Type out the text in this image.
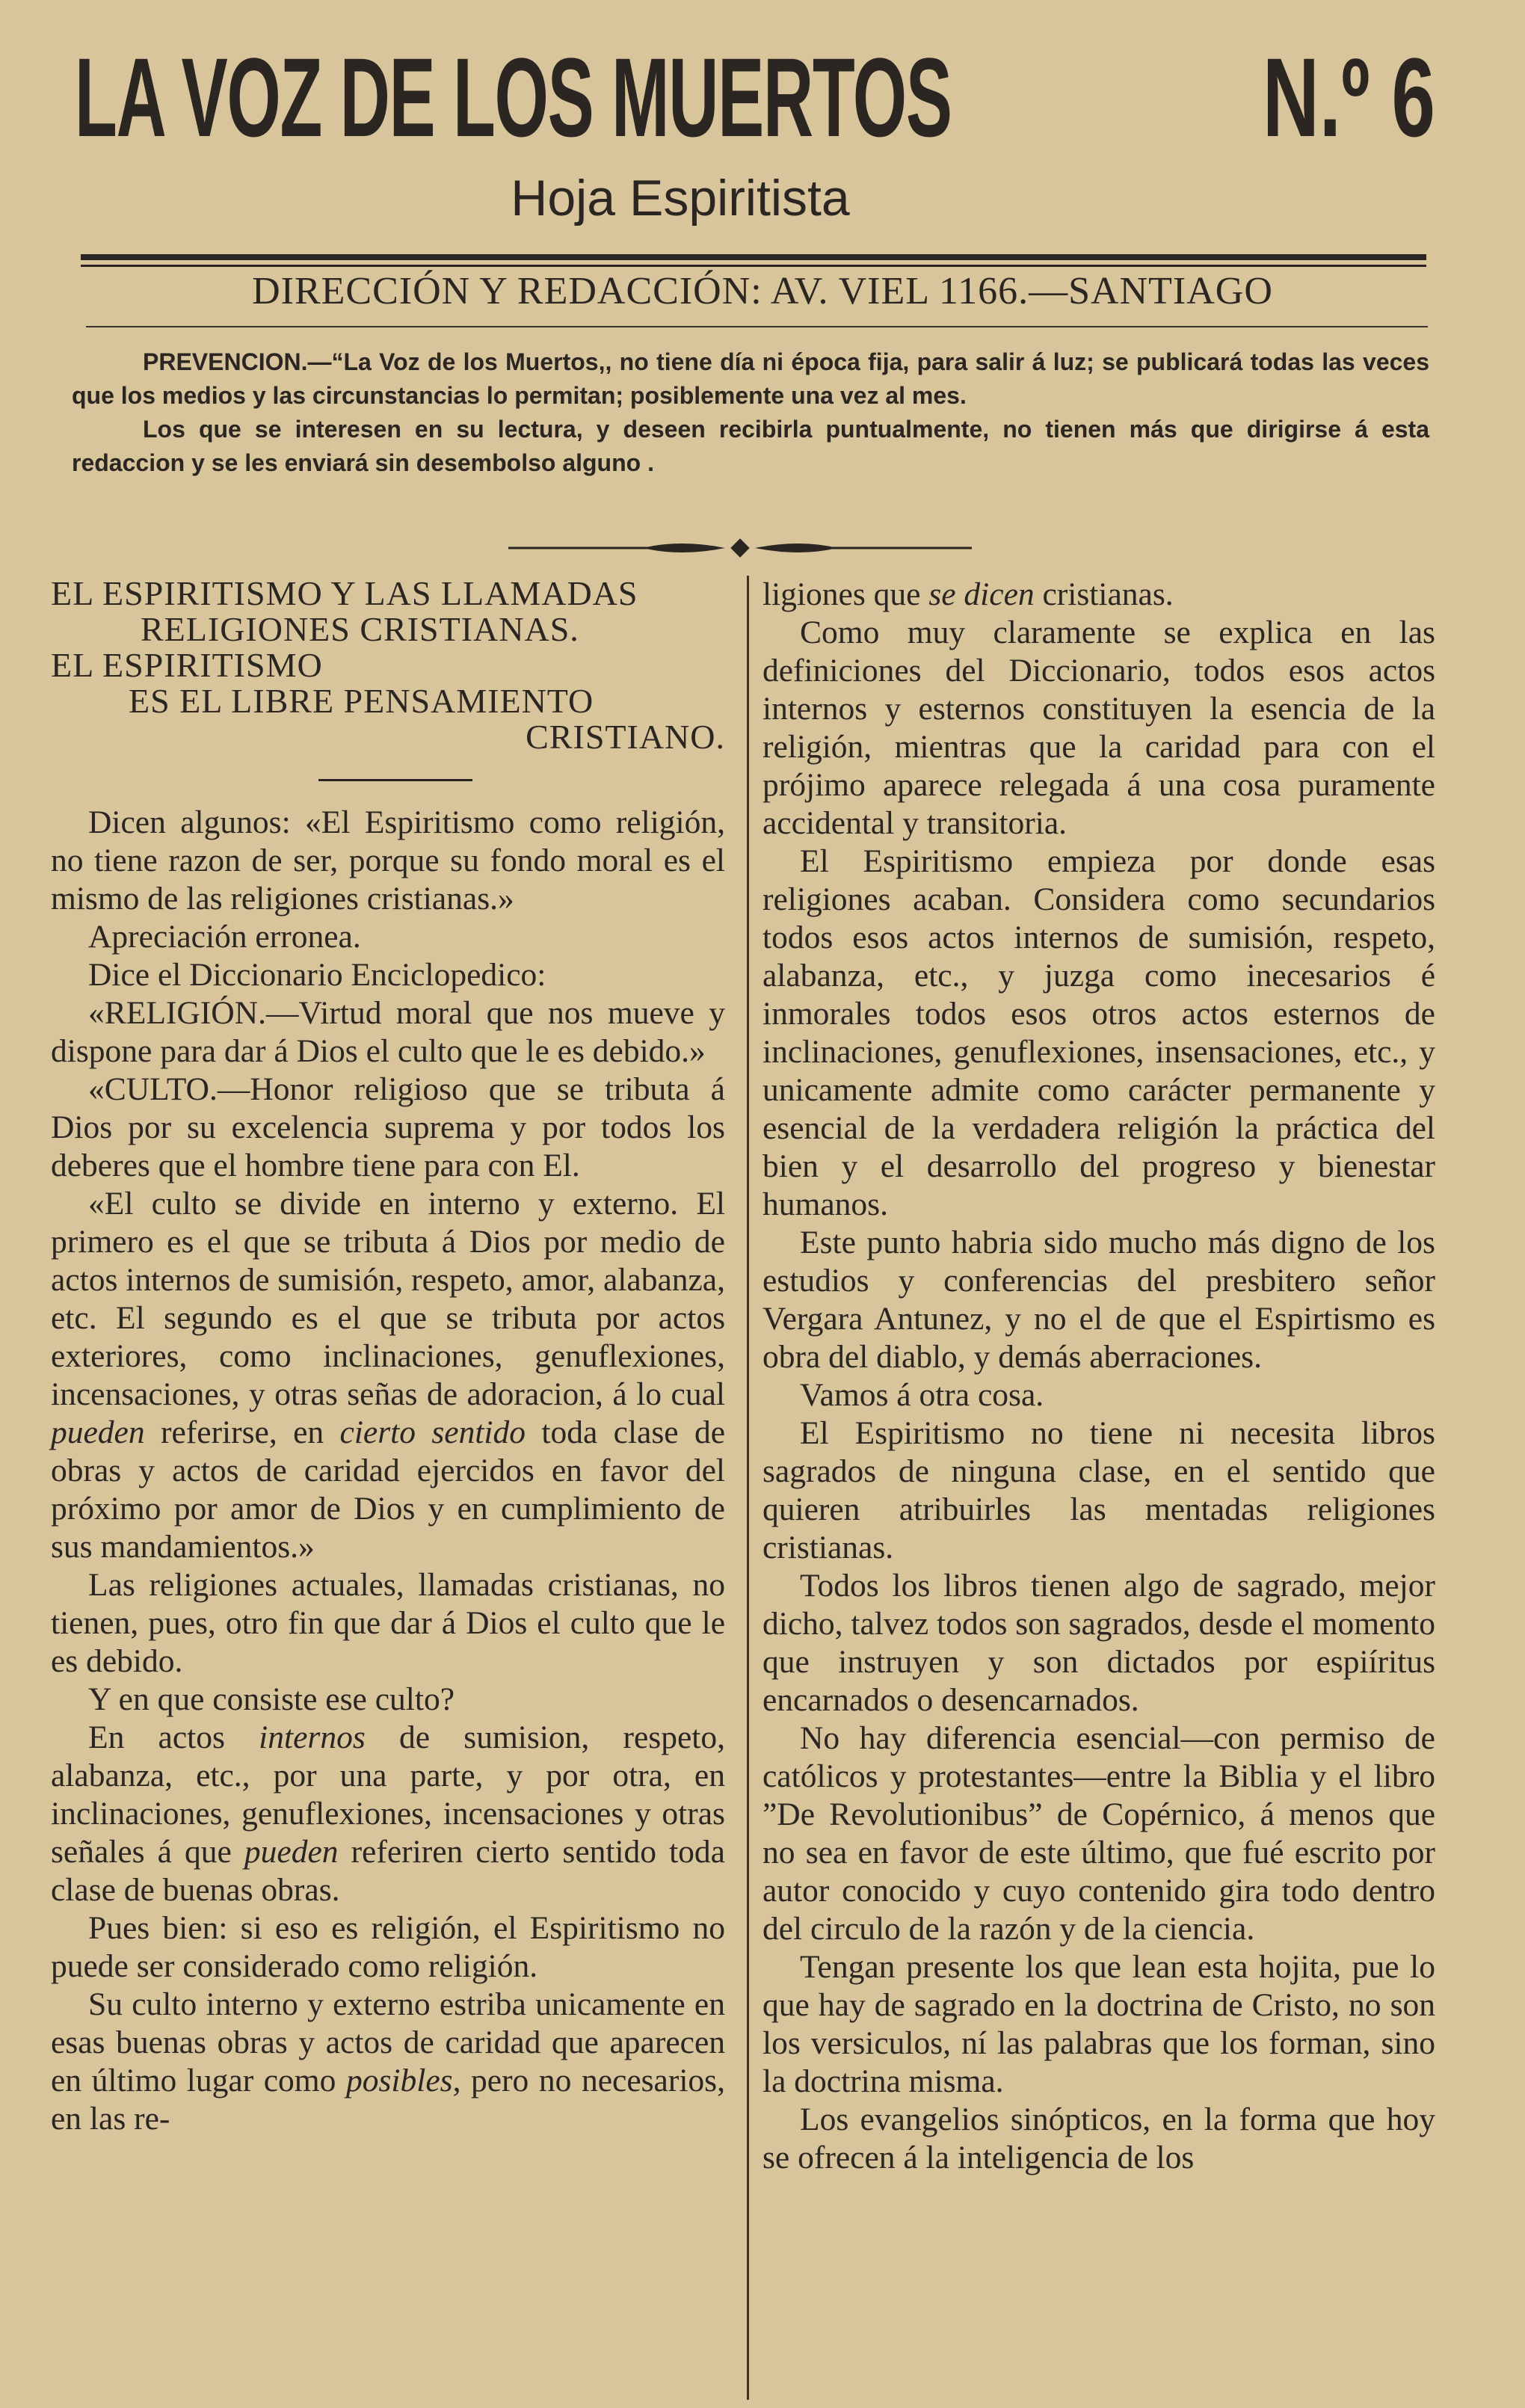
LA VOZ DE LOS MUERTOS	N.º 6
Hoja Espiritista
DIRECCIÓN Y REDACCIÓN: AV. VIEL 1166.—SANTIAGO

PREVENCION.—“La Voz de los Muertos,, no tiene día ni época fija, para salir á luz; se publicará todas las veces que los medios y las circunstancias lo permitan; posiblemente una vez al mes.

Los que se interesen en su lectura, y deseen recibirla puntualmente, no tienen más que dirigirse á esta redaccion y se les enviará sin desembolso alguno .

EL ESPIRITISMO Y LAS LLAMADAS
RELIGIONES CRISTIANAS.
EL ESPIRITISMO
ES EL LIBRE PENSAMIENTO
CRISTIANO.

Dicen algunos: «El Espiritismo como religión, no tiene razon de ser, porque su fondo moral es el mismo de las religiones cristianas.»

Apreciación erronea.

Dice el Diccionario Enciclopedico:

«RELIGIÓN.—Virtud moral que nos mueve y dispone para dar á Dios el culto que le es debido.»

«CULTO.—Honor religioso que se tributa á Dios por su excelencia suprema y por todos los deberes que el hombre tiene para con El.

«El culto se divide en interno y externo. El primero es el que se tributa á Dios por medio de actos internos de sumisión, respeto, amor, alabanza, etc. El segundo es el que se tributa por actos exteriores, como inclinaciones, genuflexiones, incensaciones, y otras señas de adoracion, á lo cual pueden referirse, en cierto sentido toda clase de obras y actos de caridad ejercidos en favor del próximo por amor de Dios y en cumplimiento de sus mandamientos.»

Las religiones actuales, llamadas cristianas, no tienen, pues, otro fin que dar á Dios el culto que le es debido.

Y en que consiste ese culto?

En actos internos de sumision, respeto, alabanza, etc., por una parte, y por otra, en inclinaciones, genuflexiones, incensaciones y otras señales á que pueden referiren cierto sentido toda clase de buenas obras.

Pues bien: si eso es religión, el Espiritismo no puede ser considerado como religión.

Su culto interno y externo estriba unicamente en esas buenas obras y actos de caridad que aparecen en último lugar como posibles, pero no necesarios, en las re-

ligiones que se dicen cristianas.

Como muy claramente se explica en las definiciones del Diccionario, todos esos actos internos y esternos constituyen la esencia de la religión, mientras que la caridad para con el prójimo aparece relegada á una cosa puramente accidental y transitoria.

El Espiritismo empieza por donde esas religiones acaban. Considera como secundarios todos esos actos internos de sumisión, respeto, alabanza, etc., y juzga como inecesarios é inmorales todos esos otros actos esternos de inclinaciones, genuflexiones, insensaciones, etc., y unicamente admite como carácter permanente y esencial de la verdadera religión la práctica del bien y el desarrollo del progreso y bienestar humanos.

Este punto habria sido mucho más digno de los estudios y conferencias del presbitero señor Vergara Antunez, y no el de que el Espirtismo es obra del diablo, y demás aberraciones.

Vamos á otra cosa.

El Espiritismo no tiene ni necesita libros sagrados de ninguna clase, en el sentido que quieren atribuirles las mentadas religiones cristianas.

Todos los libros tienen algo de sagrado, mejor dicho, talvez todos son sagrados, desde el momento que instruyen y son dictados por espiíritus encarnados o desencarnados.

No hay diferencia esencial—con permiso de católicos y protestantes—entre la Biblia y el libro ”De Revolutionibus” de Copérnico, á menos que no sea en favor de este último, que fué escrito por autor conocido y cuyo contenido gira todo dentro del circulo de la razón y de la ciencia.

Tengan presente los que lean esta hojita, pue lo que hay de sagrado en la doctrina de Cristo, no son los versiculos, ní las palabras que los forman, sino la doctrina misma.

Los evangelios sinópticos, en la forma que hoy se ofrecen á la inteligencia de los
